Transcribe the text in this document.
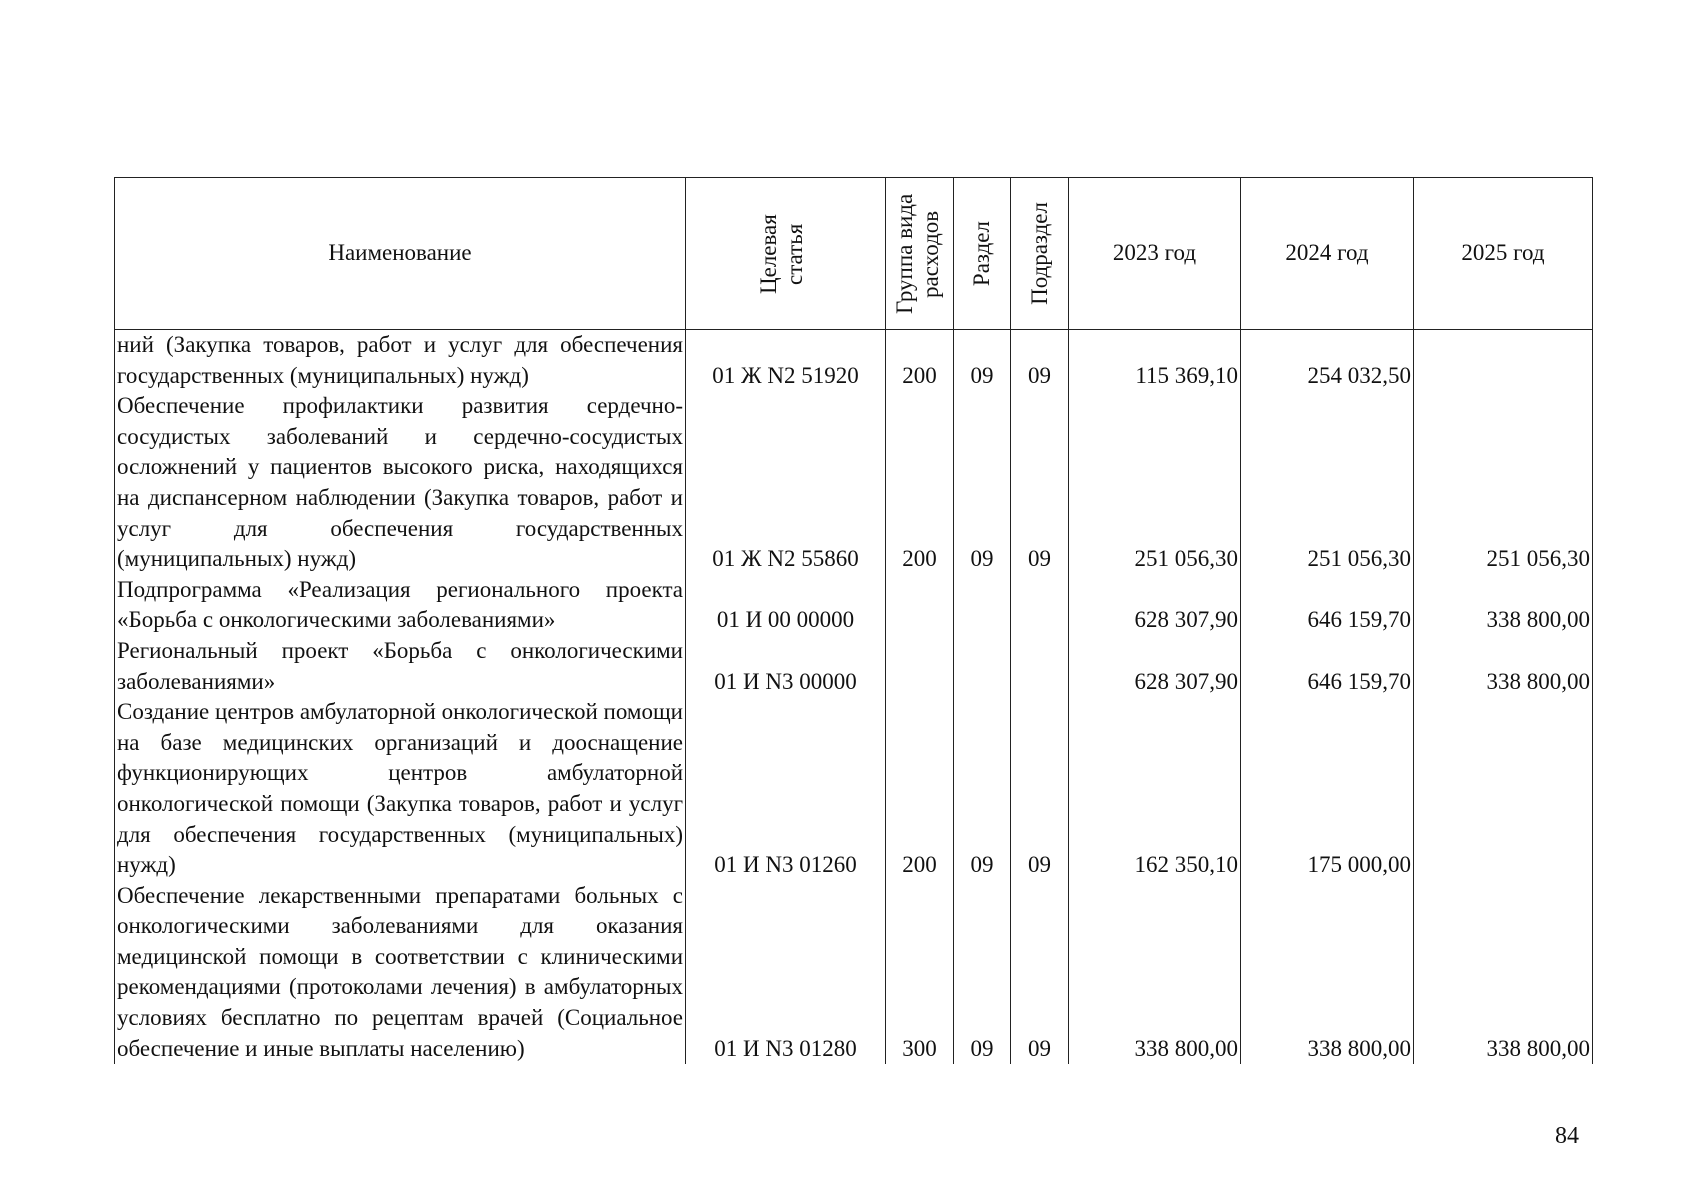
Наименование	Целевая статья	Группа вида расходов	Раздел	Подраздел	2023 год	2024 год	2025 год
ний (Закупка товаров, работ и услуг для обеспечения государственных (муниципальных) нужд)	01 Ж N2 51920	200	09	09	115 369,10	254 032,50	
Обеспечение профилактики развития сердечно-сосудистых заболеваний и сердечно-сосудистых осложнений у пациентов высокого риска, находящихся на диспансерном наблюдении (Закупка товаров, работ и услуг для обеспечения государственных (муниципальных) нужд)	01 Ж N2 55860	200	09	09	251 056,30	251 056,30	251 056,30
Подпрограмма «Реализация регионального проекта «Борьба с онкологическими заболеваниями»	01 И 00 00000				628 307,90	646 159,70	338 800,00
Региональный проект «Борьба с онкологическими заболеваниями»	01 И N3 00000				628 307,90	646 159,70	338 800,00
Создание центров амбулаторной онкологической помощи на базе медицинских организаций и дооснащение функционирующих центров амбулаторной онкологической помощи (Закупка товаров, работ и услуг для обеспечения государственных (муниципальных) нужд)	01 И N3 01260	200	09	09	162 350,10	175 000,00	
Обеспечение лекарственными препаратами больных с онкологическими заболеваниями для оказания медицинской помощи в соответствии с клиническими рекомендациями (протоколами лечения) в амбулаторных условиях бесплатно по рецептам врачей (Социальное обеспечение и иные выплаты населению)	01 И N3 01280	300	09	09	338 800,00	338 800,00	338 800,00
84
